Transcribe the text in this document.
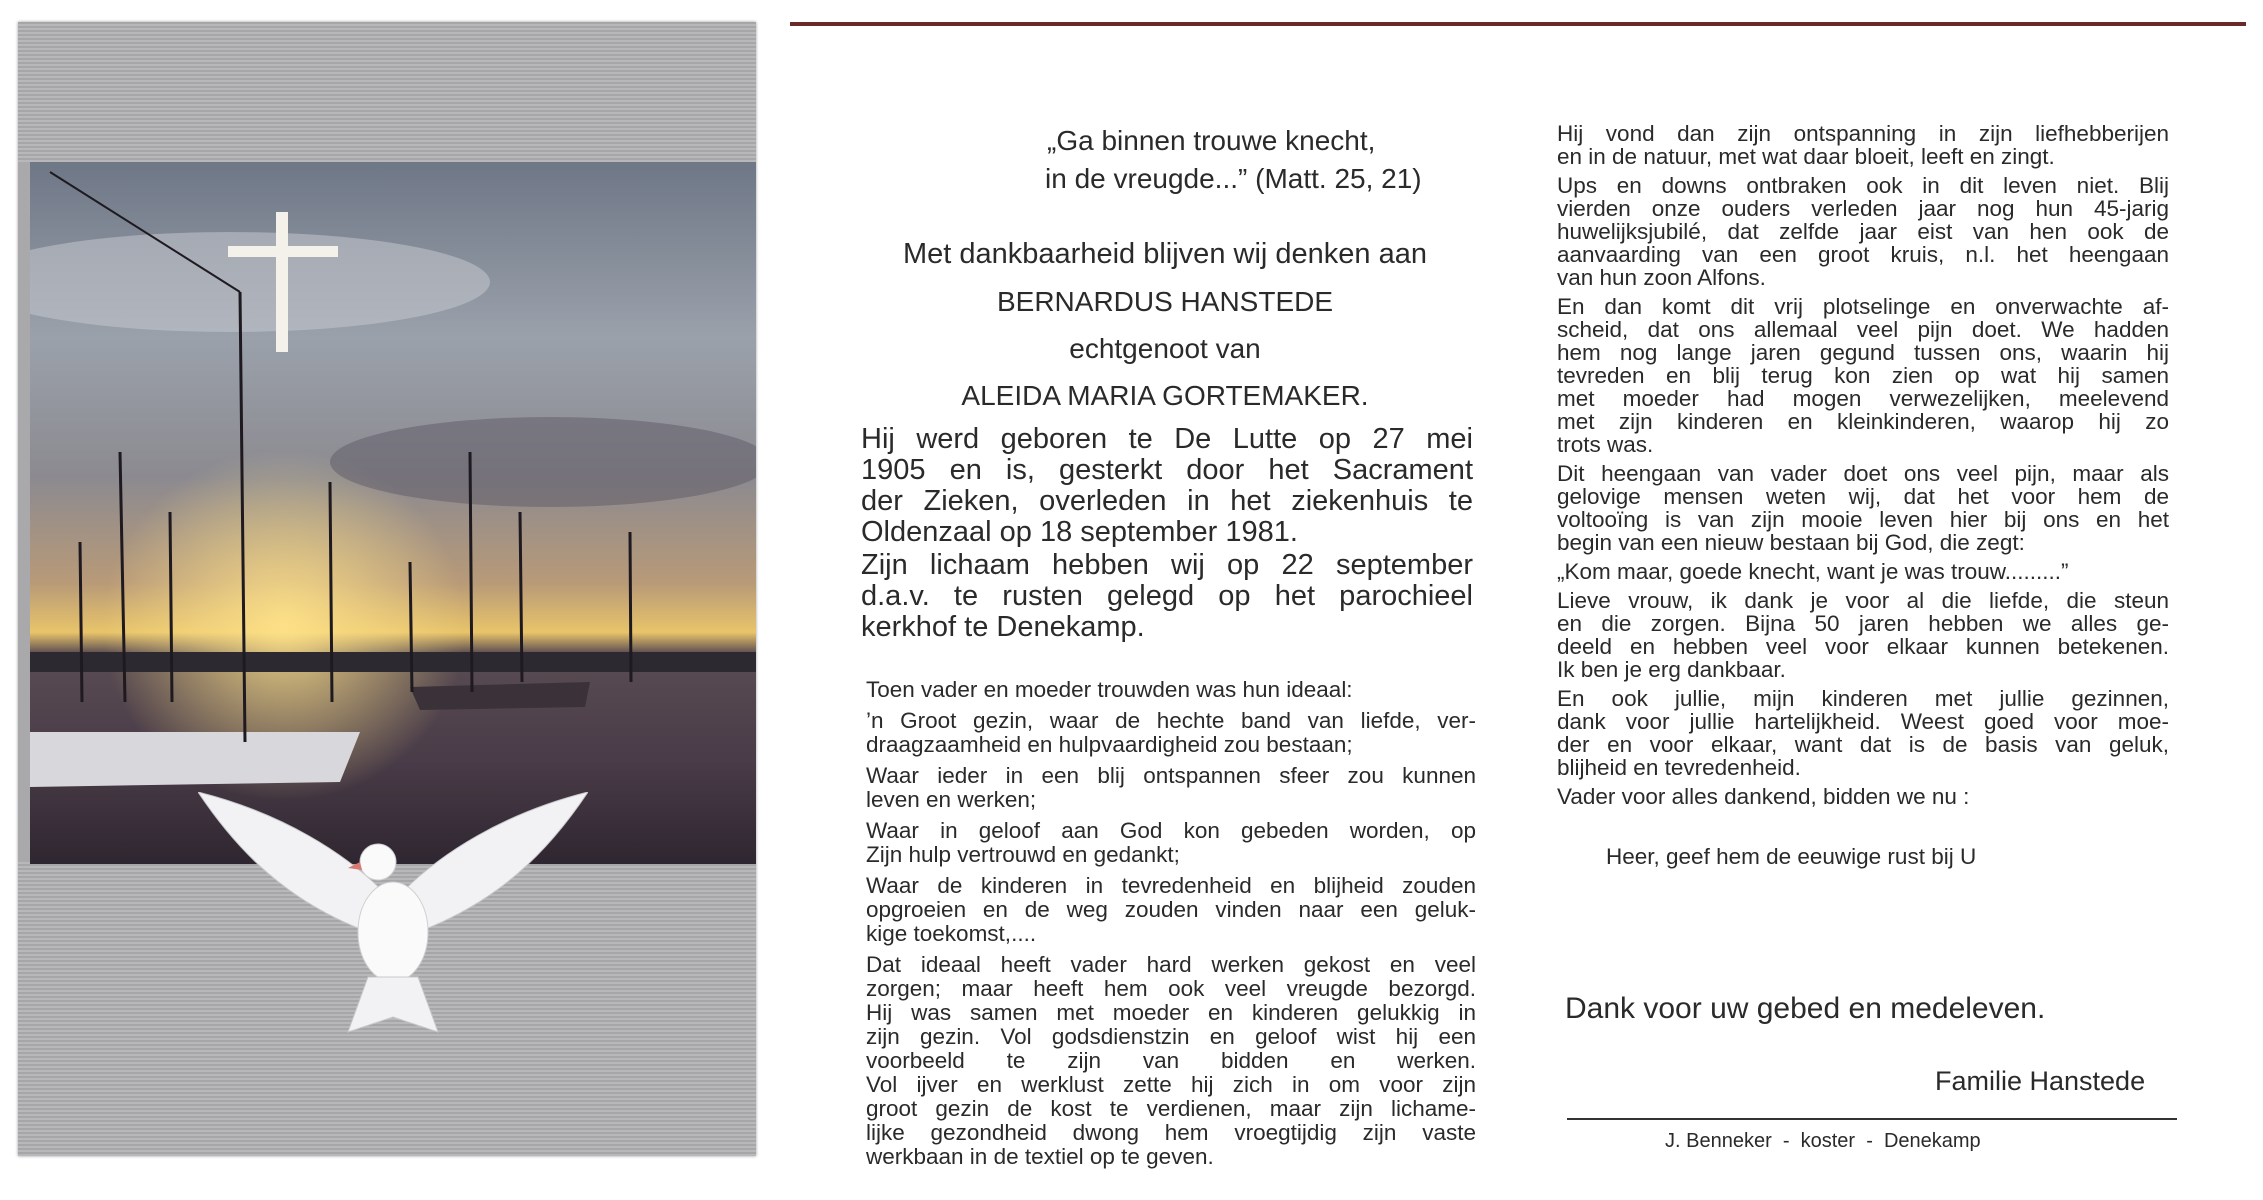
„Ga binnen trouwe knecht,
in de vreugde...” (Matt. 25, 21)
Met dankbaarheid blijven wij denken aan
BERNARDUS HANSTEDE
echtgenoot van
ALEIDA MARIA GORTEMAKER.
Hij werd geboren te De Lutte op 27 mei
1905 en is, gesterkt door het Sacrament
der Zieken, overleden in het ziekenhuis te
Oldenzaal op 18 september 1981.
Zijn lichaam hebben wij op 22 september
d.a.v. te rusten gelegd op het parochieel
kerkhof te Denekamp.
Toen vader en moeder trouwden was hun ideaal:
’n Groot gezin, waar de hechte band van liefde, ver-
draagzaamheid en hulpvaardigheid zou bestaan;
Waar ieder in een blij ontspannen sfeer zou kunnen
leven en werken;
Waar in geloof aan God kon gebeden worden, op
Zijn hulp vertrouwd en gedankt;
Waar de kinderen in tevredenheid en blijheid zouden
opgroeien en de weg zouden vinden naar een geluk-
kige toekomst,....
Dat ideaal heeft vader hard werken gekost en veel
zorgen; maar heeft hem ook veel vreugde bezorgd.
Hij was samen met moeder en kinderen gelukkig in
zijn gezin. Vol godsdienstzin en geloof wist hij een
voorbeeld te zijn van bidden en werken.
Vol ijver en werklust zette hij zich in om voor zijn
groot gezin de kost te verdienen, maar zijn lichame-
lijke gezondheid dwong hem vroegtijdig zijn vaste
werkbaan in de textiel op te geven.
Hij vond dan zijn ontspanning in zijn liefhebberijen
en in de natuur, met wat daar bloeit, leeft en zingt.
Ups en downs ontbraken ook in dit leven niet. Blij
vierden onze ouders verleden jaar nog hun 45-jarig
huwelijksjubilé, dat zelfde jaar eist van hen ook de
aanvaarding van een groot kruis, n.l. het heengaan
van hun zoon Alfons.
En dan komt dit vrij plotselinge en onverwachte af-
scheid, dat ons allemaal veel pijn doet. We hadden
hem nog lange jaren gegund tussen ons, waarin hij
tevreden en blij terug kon zien op wat hij samen
met moeder had mogen verwezelijken, meelevend
met zijn kinderen en kleinkinderen, waarop hij zo
trots was.
Dit heengaan van vader doet ons veel pijn, maar als
gelovige mensen weten wij, dat het voor hem de
voltooïng is van zijn mooie leven hier bij ons en het
begin van een nieuw bestaan bij God, die zegt:
„Kom maar, goede knecht, want je was trouw.........”
Lieve vrouw, ik dank je voor al die liefde, die steun
en die zorgen. Bijna 50 jaren hebben we alles ge-
deeld en hebben veel voor elkaar kunnen betekenen.
Ik ben je erg dankbaar.
En ook jullie, mijn kinderen met jullie gezinnen,
dank voor jullie hartelijkheid. Weest goed voor moe-
der en voor elkaar, want dat is de basis van geluk,
blijheid en tevredenheid.
Vader voor alles dankend, bidden we nu :
Heer, geef hem de eeuwige rust bij U
Dank voor uw gebed en medeleven.
Familie Hanstede
J. Benneker  -  koster  -  Denekamp
